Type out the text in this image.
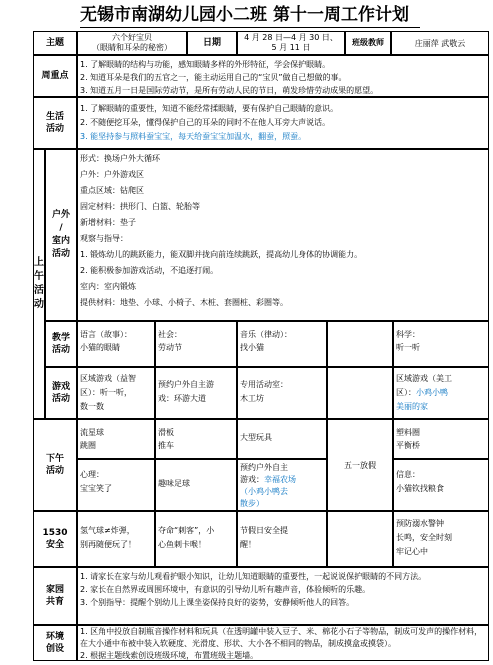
无锡市南湖幼儿园小二班 第十一周工作计划
主题
六个好宝贝
（眼睛和耳朵的秘密）	日期
4 月 28 日—4 月 30 日、
5 月 11 日
班级教师	庄丽萍 武敬云
周重点
1. 了解眼睛的结构与功能，感知眼睛多样的外形特征，学会保护眼睛。
2. 知道耳朵是我们的五官之一，能主动运用自己的“宝贝”做自己想做的事。
3. 知道五月一日是国际劳动节，是所有劳动人民的节日，萌发珍惜劳动成果的愿望。
生活
活动
1. 了解眼睛的重要性，知道不能经常揉眼睛，要有保护自己眼睛的意识。
2. 不随便挖耳朵，懂得保护自己的耳朵的同时不在他人耳旁大声说话。
3. 能坚持参与照料蚕宝宝，每天给蚕宝宝加温水，翻蚕，照蚕。
上
午
活
动
户外
/
室内
活动
形式：换场户外大循环
户外：户外游戏区
重点区域：钻爬区
固定材料：拱形门、白篮、轮胎等
新增材料：垫子
观察与指导：
1. 锻炼幼儿的跳跃能力，能双脚并拢向前连续跳跃，提高幼儿身体的协调能力。
2. 能积极参加游戏活动，不追逐打闹。
室内：室内锻炼
提供材料：地垫、小球、小椅子、木桩、套圈桩、彩圈等。
教学
活动
语言（故事）：
小猫的眼睛
社会：
劳动节
音乐（律动）：
找小猫
科学：
听一听
游戏
活动
区域游戏（益智
区）：听一听，
数一数
预约户外自主游
戏：环游大道
专用活动室：
木工坊
区域游戏（美工
区）：小鸡小鸭
美丽的家
下午
活动
流星球
跳圈
滑板
推车
大型玩具
五一放假
塑料圈
平衡桥
心理：
宝宝笑了
趣味足球
预约户外自主
游戏：幸福农场
（小鸡小鸭去
散步）
信息：
小猫钦找粮食
1530
安全
氢气球≠炸弹，
别再随便玩了！
夺命“刺客”，小
心鱼刺卡喉！
节假日安全提
醒！
预防溺水警钟
长鸣，安全时刻
牢记心中
家园
共育
1. 请家长在家与幼儿观看护眼小知识，让幼儿知道眼睛的重要性，一起说说保护眼睛的不同方法。
2. 家长在自然界或周围环境中，有意识的引导幼儿听有趣声音，体验倾听的乐趣。
3. 个别指导：提醒个别幼儿上课坐姿保持良好的姿势，安静倾听他人的回答。
环境
创设
1. 区角中投放自制瓶音操作材料和玩具（在透明罐中装入豆子、米、棉花小石子等物品，制成可发声的操作材料，在大小通中布被中装入软硬度、光滑度、形状、大小各不相同的物品，制成摸盒或摸袋）。
2. 根据主题线索创设班级环境，布置班级主题墙。
